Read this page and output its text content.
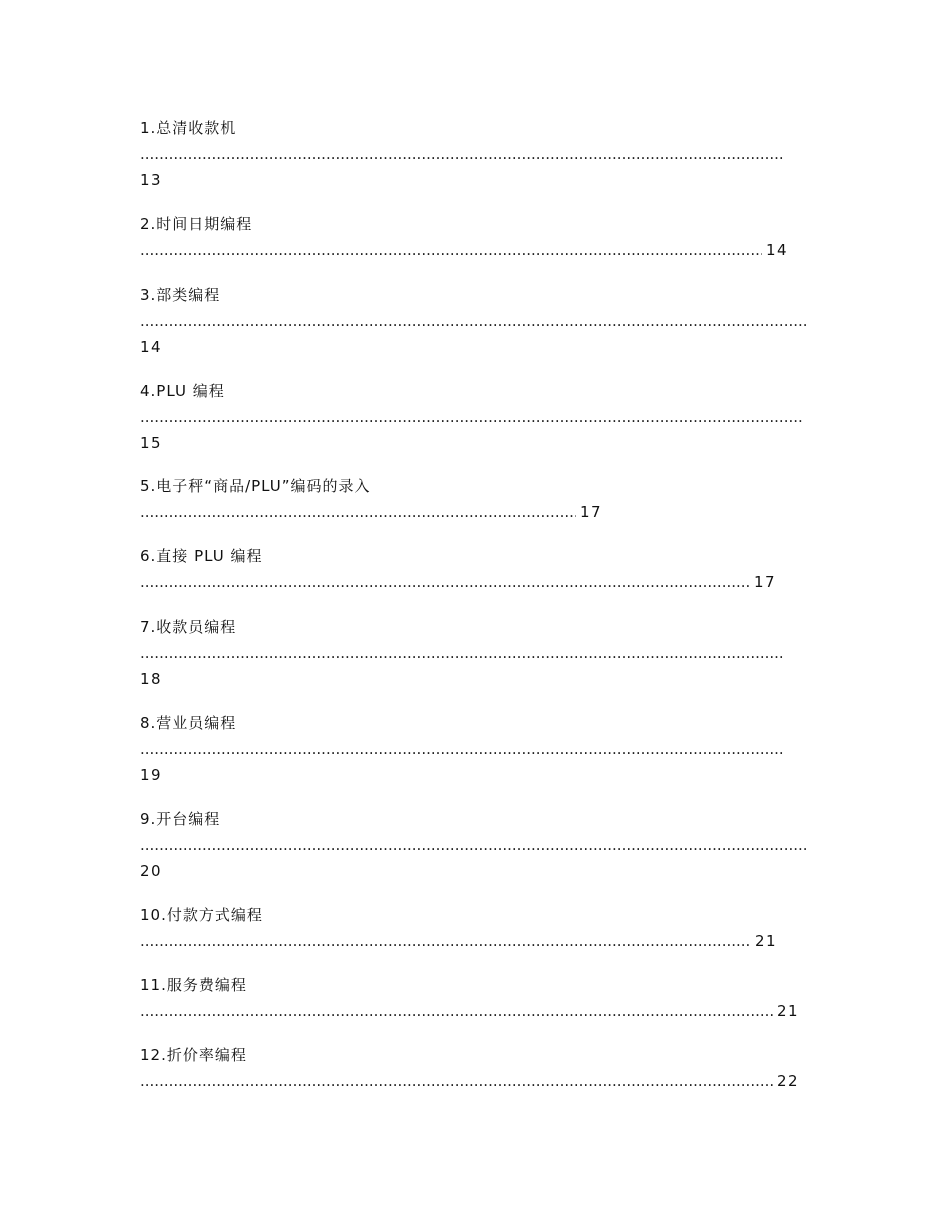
1.总清收款机
.....
13
2.时间日期编程
.....
14
3.部类编程
.....
14
4.PLU 编程
.....
15
5.电子秤“商品/PLU”编码的录入
.....
17
6.直接 PLU 编程
.....
17
7.收款员编程
.....
18
8.营业员编程
.....
19
9.开台编程
.....
20
10.付款方式编程
.....
21
11.服务费编程
.....
21
12.折价率编程
.....
22
